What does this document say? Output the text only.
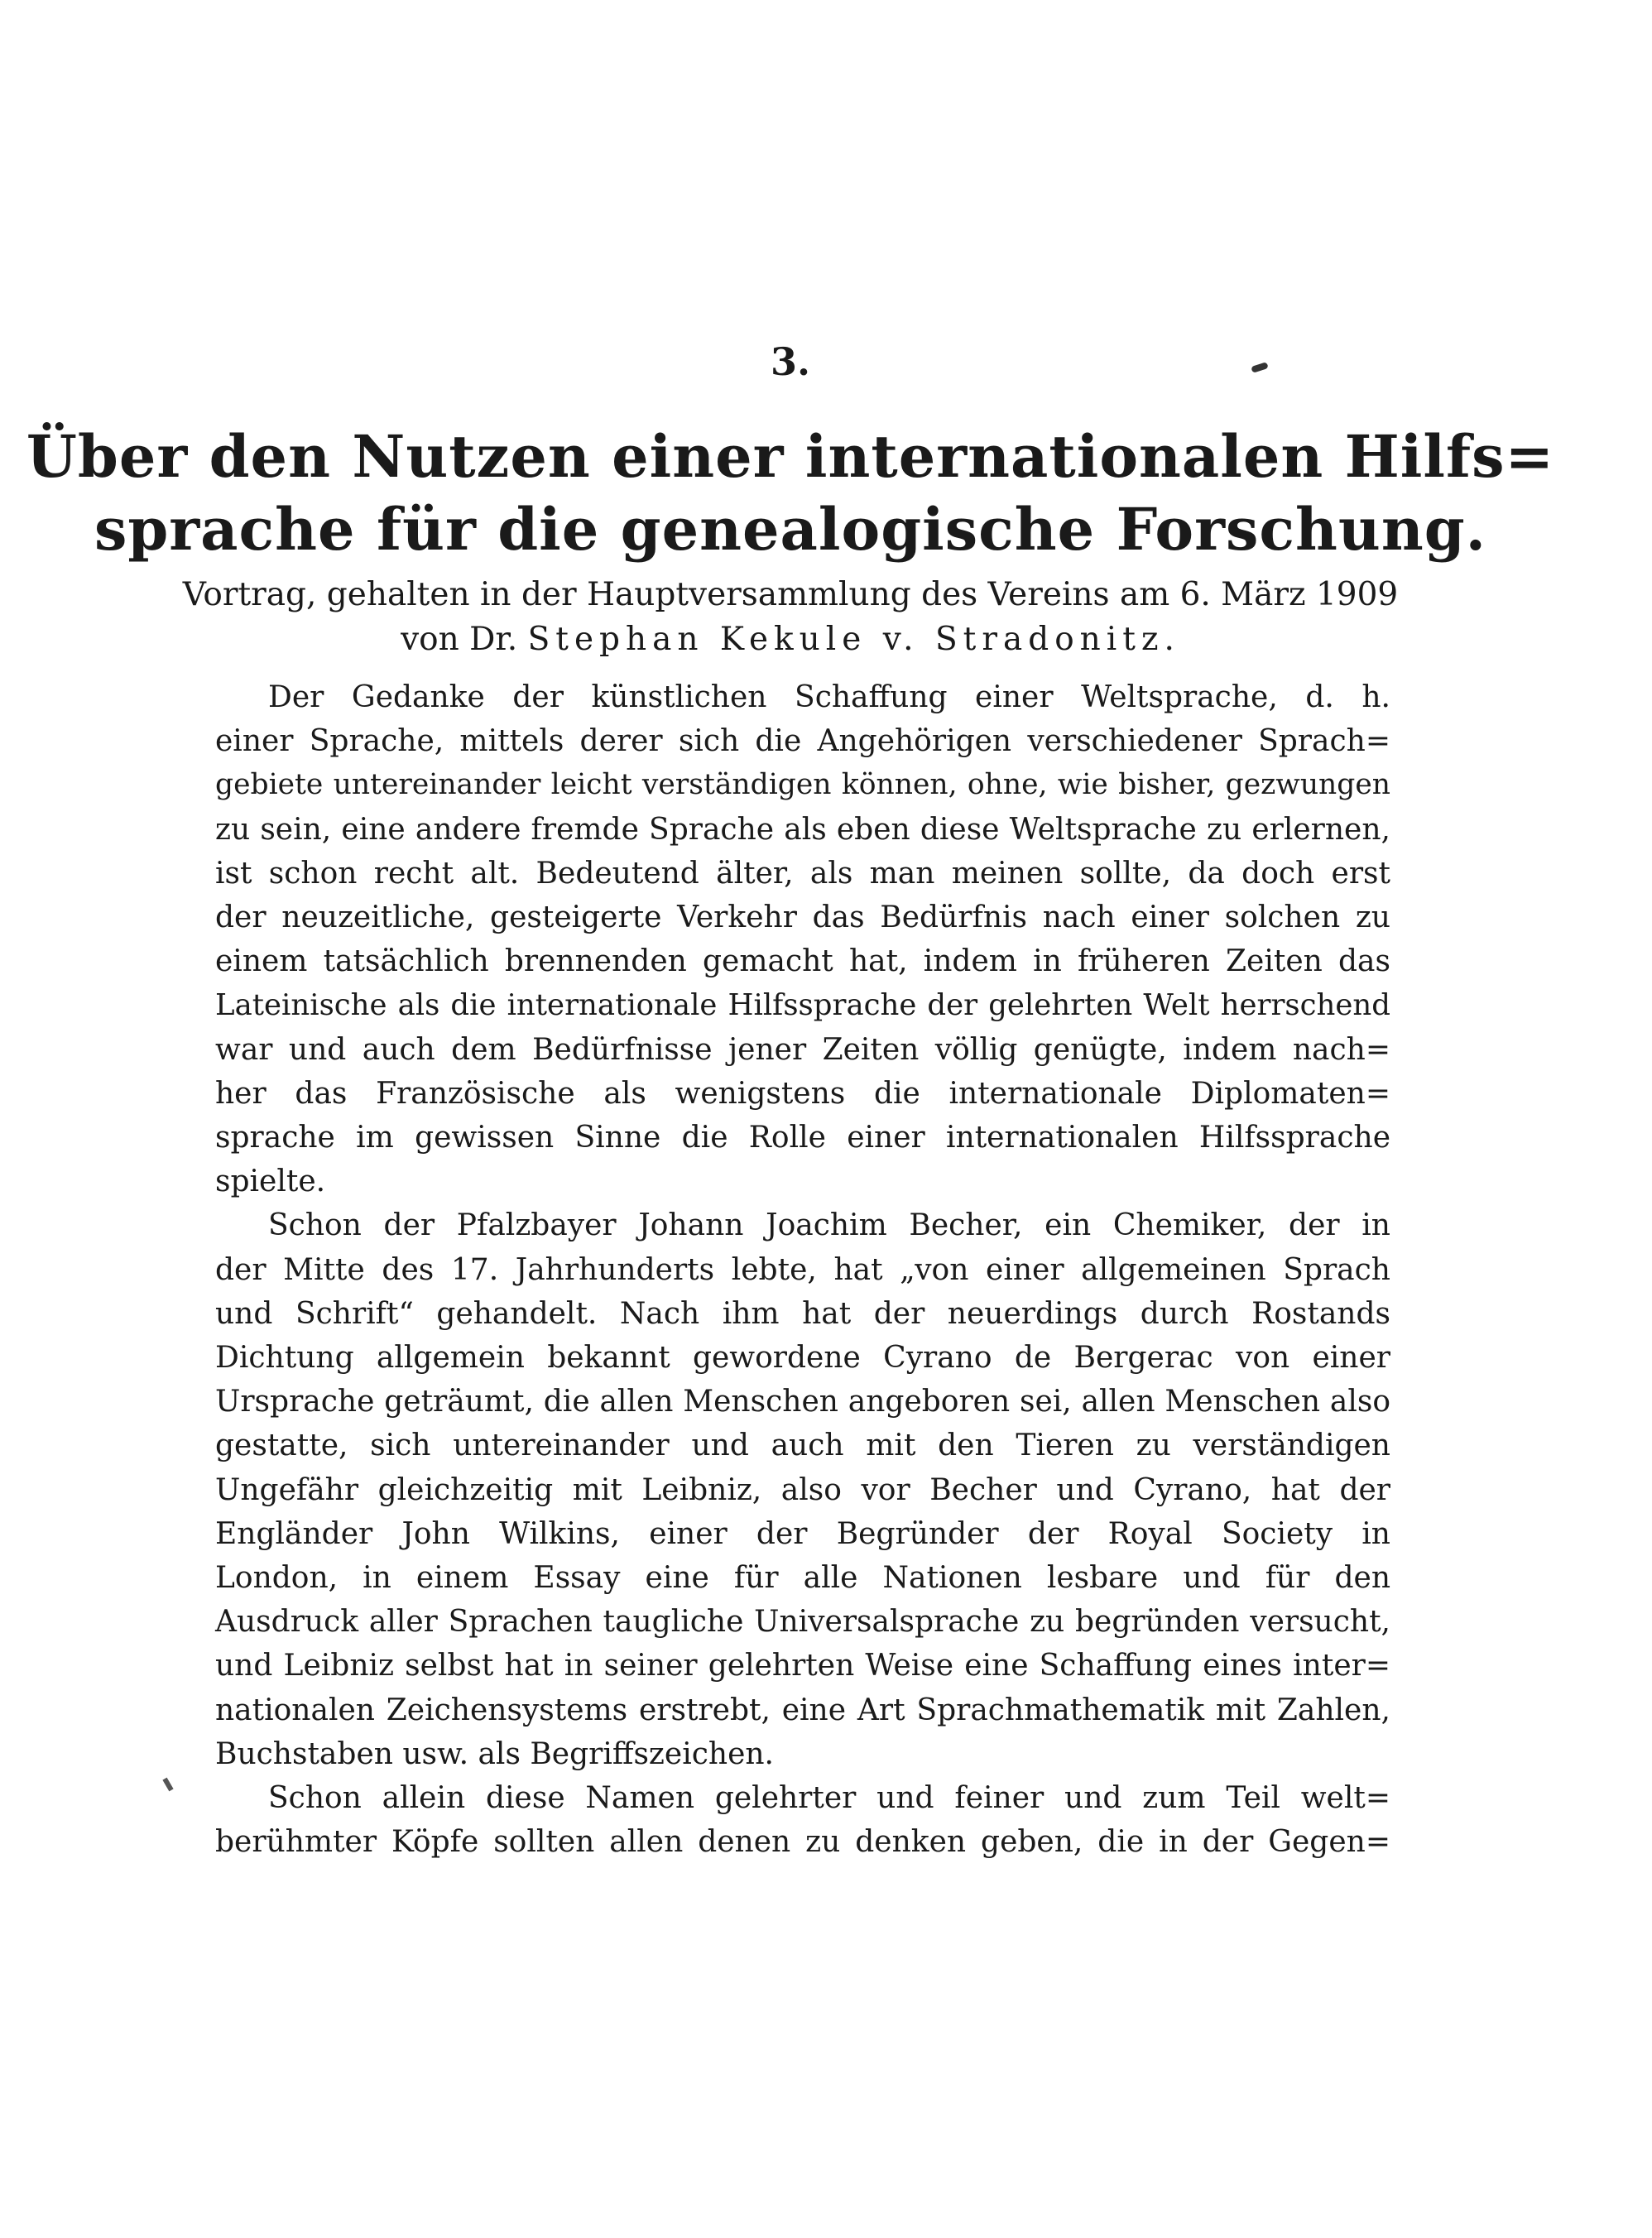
3.
Über den Nutzen einer internationalen Hilfs=
sprache für die genealogische Forschung.
Vortrag, gehalten in der Hauptversammlung des Vereins am 6. März 1909
von Dr. Stephan Kekule v. Stradonitz.
Der Gedanke der künstlichen Schaffung einer Weltsprache, d. h.
einer Sprache, mittels derer sich die Angehörigen verschiedener Sprach=
gebiete untereinander leicht verständigen können, ohne, wie bisher, gezwungen
zu sein, eine andere fremde Sprache als eben diese Weltsprache zu erlernen,
ist schon recht alt. Bedeutend älter, als man meinen sollte, da doch erst
der neuzeitliche, gesteigerte Verkehr das Bedürfnis nach einer solchen zu
einem tatsächlich brennenden gemacht hat, indem in früheren Zeiten das
Lateinische als die internationale Hilfssprache der gelehrten Welt herrschend
war und auch dem Bedürfnisse jener Zeiten völlig genügte, indem nach=
her das Französische als wenigstens die internationale Diplomaten=
sprache im gewissen Sinne die Rolle einer internationalen Hilfssprache
spielte.
Schon der Pfalzbayer Johann Joachim Becher, ein Chemiker, der in
der Mitte des 17. Jahrhunderts lebte, hat „von einer allgemeinen Sprach
und Schrift“ gehandelt. Nach ihm hat der neuerdings durch Rostands
Dichtung allgemein bekannt gewordene Cyrano de Bergerac von einer
Ursprache geträumt, die allen Menschen angeboren sei, allen Menschen also
gestatte, sich untereinander und auch mit den Tieren zu verständigen
Ungefähr gleichzeitig mit Leibniz, also vor Becher und Cyrano, hat der
Engländer John Wilkins, einer der Begründer der Royal Society in
London, in einem Essay eine für alle Nationen lesbare und für den
Ausdruck aller Sprachen taugliche Universalsprache zu begründen versucht,
und Leibniz selbst hat in seiner gelehrten Weise eine Schaffung eines inter=
nationalen Zeichensystems erstrebt, eine Art Sprachmathematik mit Zahlen,
Buchstaben usw. als Begriffszeichen.
Schon allein diese Namen gelehrter und feiner und zum Teil welt=
berühmter Köpfe sollten allen denen zu denken geben, die in der Gegen=
